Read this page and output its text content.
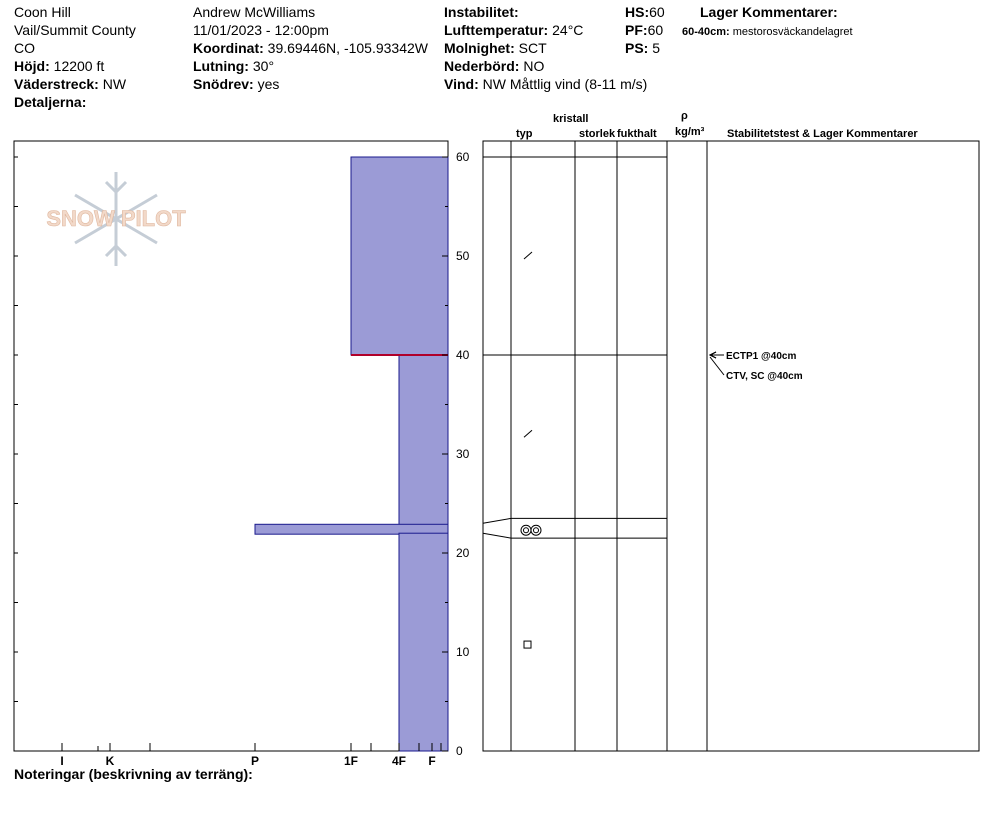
Coon Hill
Vail/Summit County
CO
Höjd: 12200 ft
Väderstreck: NW
Detaljerna:
Andrew McWilliams
11/01/2023 - 12:00pm
Koordinat: 39.69446N, -105.93342W
Lutning: 30°
Snödrev: yes
Instabilitet:
Lufttemperatur: 24°C
Molnighet: SCT
Nederbörd: NO
Vind: NW Måttlig vind (8-11 m/s)
HS:60
PF:60
PS: 5
Lager Kommentarer:
60-40cm: mestorosväckandelagret
kristall
typ	storlek fukthalt
ρ
kg/m³ Stabilitetstest & Lager Kommentarer
Noteringar (beskrivning av terräng):
SNOW PILOT
0
10
20
30
40
50
60
I	K	P	1F	4F F
ECTP1 @40cm
CTV, SC @40cm
